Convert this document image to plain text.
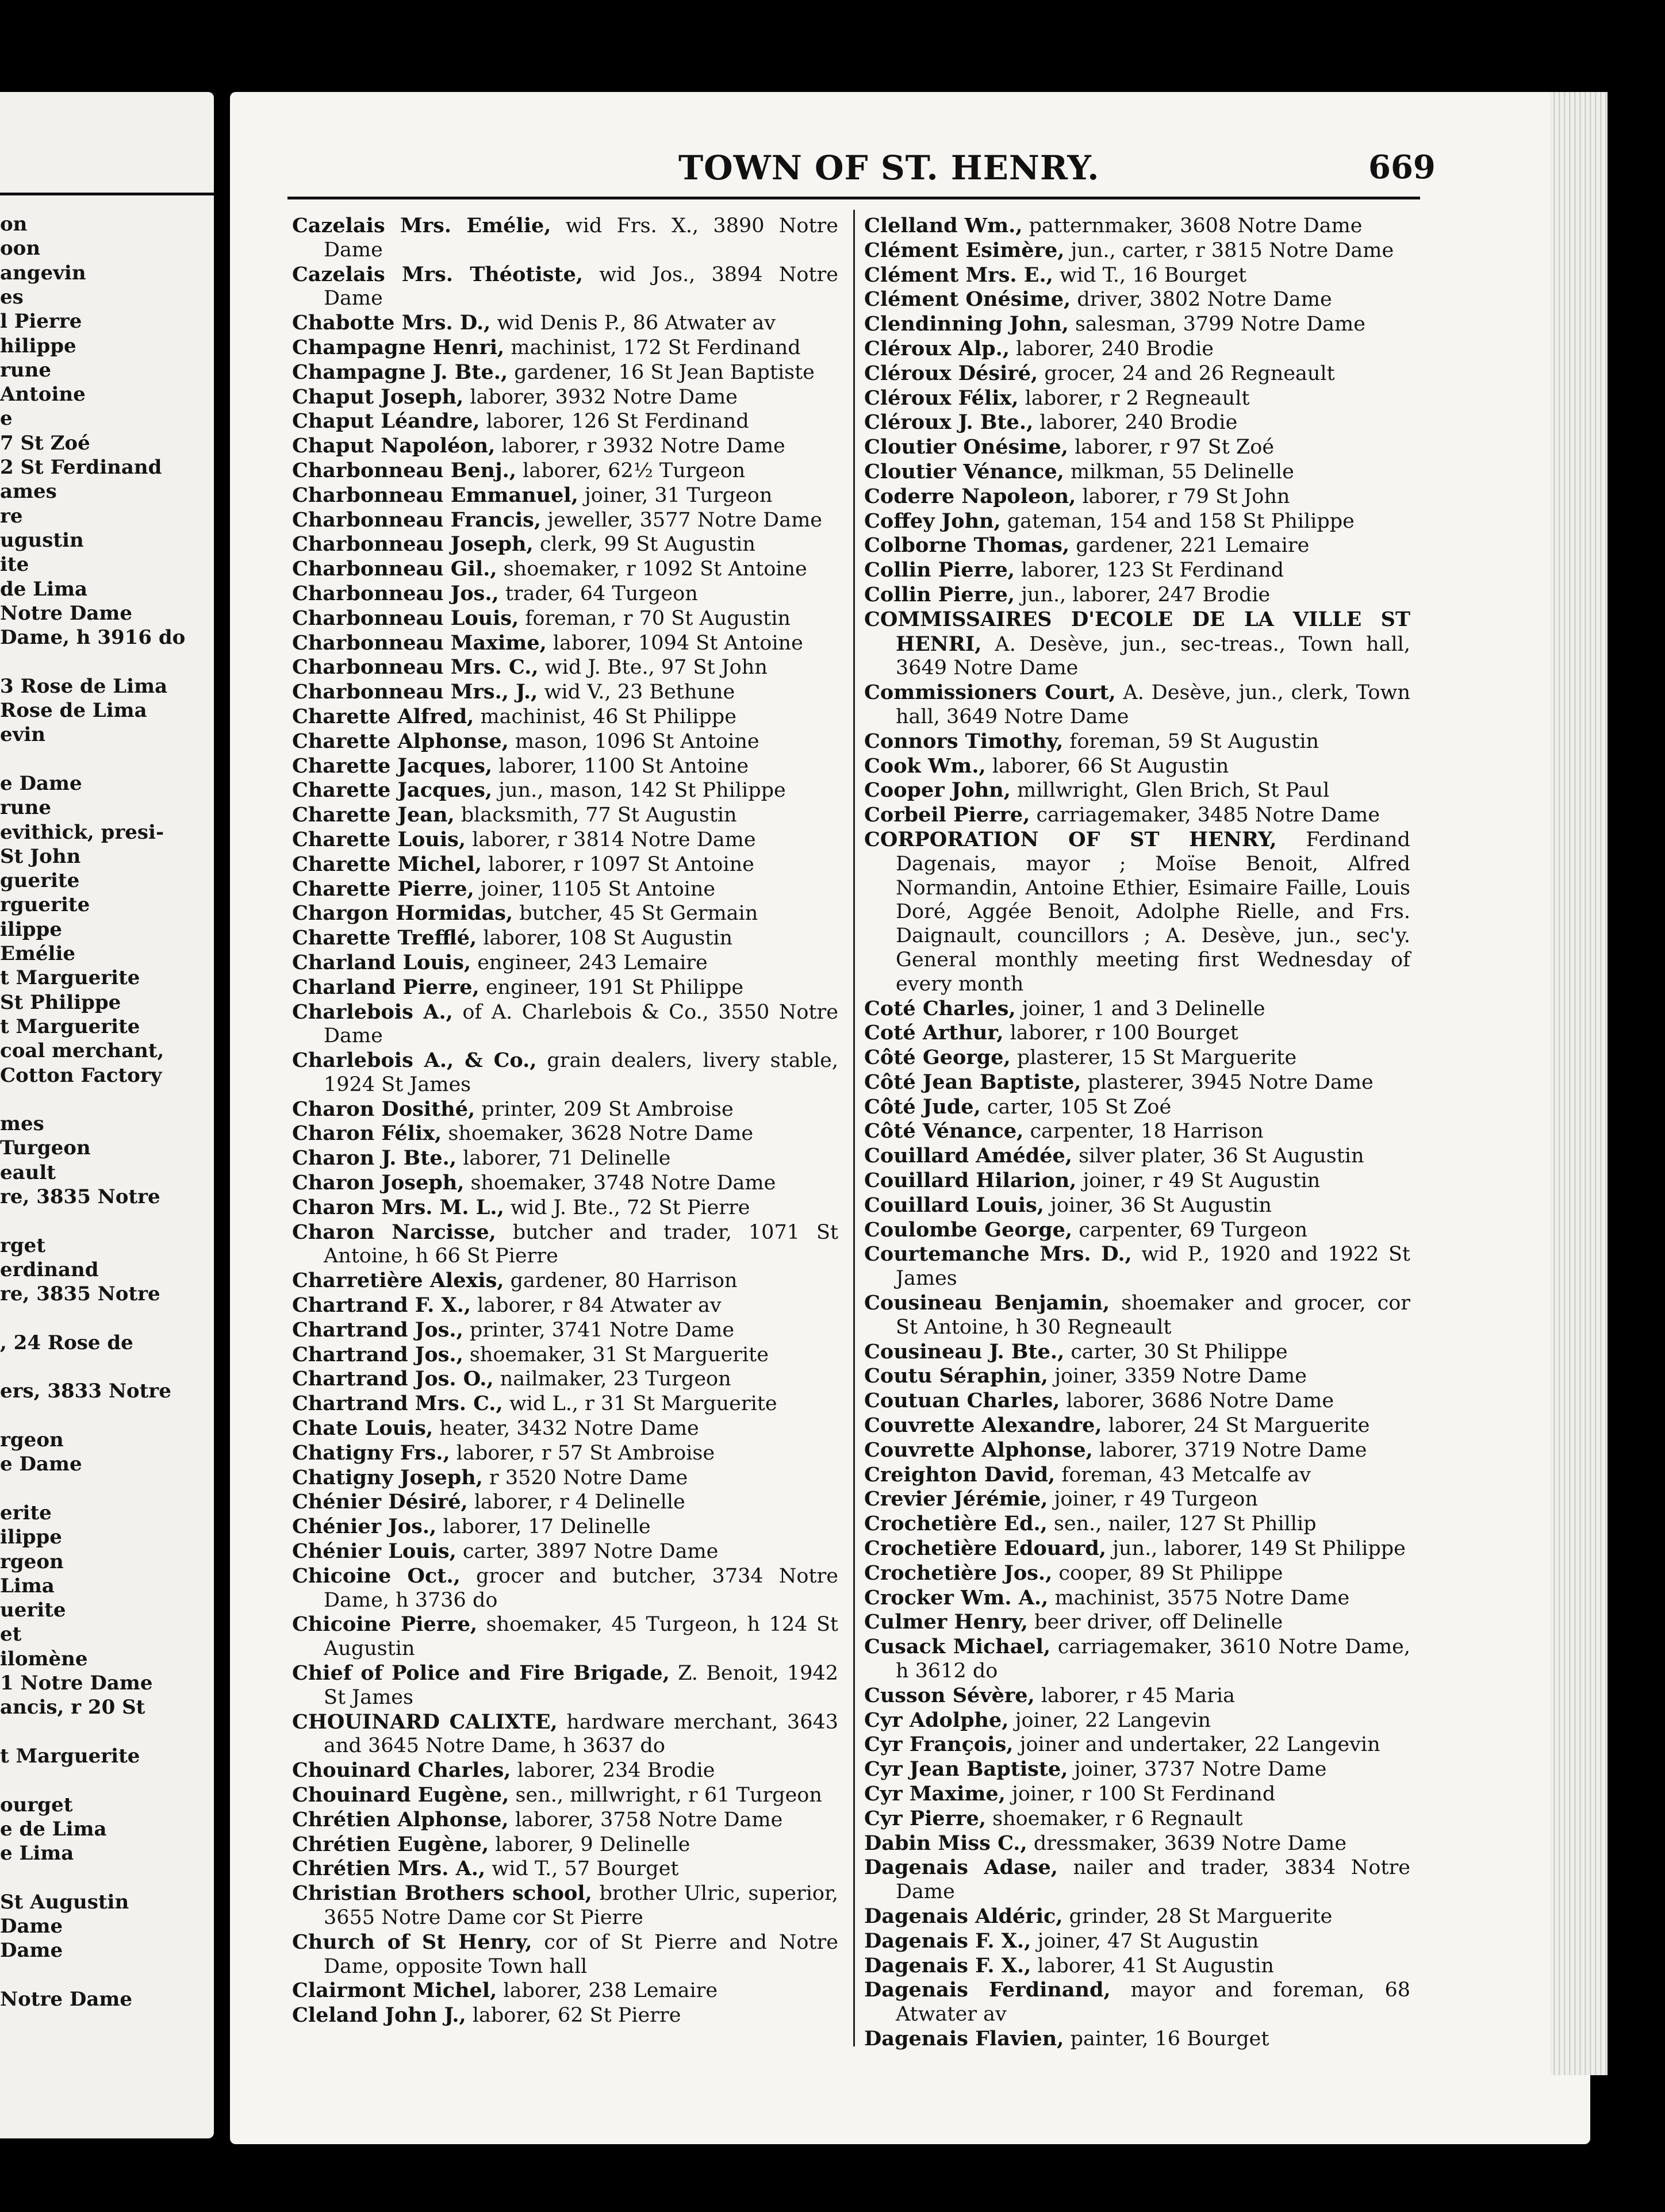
on
oon
angevin
es
l Pierre
hilippe
rune
Antoine
e
7 St Zoé
2 St Ferdinand
ames
re
ugustin
ite
de Lima
Notre Dame
Dame, h 3916 do
3 Rose de Lima
Rose de Lima
evin
e Dame
rune
evithick, presi-
St John
guerite
rguerite
ilippe
Emélie
t Marguerite
St Philippe
t Marguerite
coal merchant,
Cotton Factory
mes
Turgeon
eault
re, 3835 Notre
rget
erdinand
re, 3835 Notre
, 24 Rose de
ers, 3833 Notre
rgeon
e Dame
erite
ilippe
rgeon
Lima
uerite
et
ilomène
1 Notre Dame
ancis, r 20 St
t Marguerite
ourget
e de Lima
e Lima
St Augustin
Dame
Dame
Notre Dame
TOWN OF ST. HENRY.	669

Cazelais Mrs. Emélie, wid Frs. X., 3890 Notre Dame

Cazelais Mrs. Théotiste, wid Jos., 3894 Notre Dame

Chabotte Mrs. D., wid Denis P., 86 Atwater av

Champagne Henri, machinist, 172 St Ferdinand

Champagne J. Bte., gardener, 16 St Jean Baptiste

Chaput Joseph, laborer, 3932 Notre Dame

Chaput Léandre, laborer, 126 St Ferdinand

Chaput Napoléon, laborer, r 3932 Notre Dame

Charbonneau Benj., laborer, 62½ Turgeon

Charbonneau Emmanuel, joiner, 31 Turgeon

Charbonneau Francis, jeweller, 3577 Notre Dame

Charbonneau Joseph, clerk, 99 St Augustin

Charbonneau Gil., shoemaker, r 1092 St Antoine

Charbonneau Jos., trader, 64 Turgeon

Charbonneau Louis, foreman, r 70 St Augustin

Charbonneau Maxime, laborer, 1094 St Antoine

Charbonneau Mrs. C., wid J. Bte., 97 St John

Charbonneau Mrs., J., wid V., 23 Bethune

Charette Alfred, machinist, 46 St Philippe

Charette Alphonse, mason, 1096 St Antoine

Charette Jacques, laborer, 1100 St Antoine

Charette Jacques, jun., mason, 142 St Philippe

Charette Jean, blacksmith, 77 St Augustin

Charette Louis, laborer, r 3814 Notre Dame

Charette Michel, laborer, r 1097 St Antoine

Charette Pierre, joiner, 1105 St Antoine

Chargon Hormidas, butcher, 45 St Germain

Charette Trefflé, laborer, 108 St Augustin

Charland Louis, engineer, 243 Lemaire

Charland Pierre, engineer, 191 St Philippe

Charlebois A., of A. Charlebois & Co., 3550 Notre Dame

Charlebois A., & Co., grain dealers, livery stable, 1924 St James

Charon Dosithé, printer, 209 St Ambroise

Charon Félix, shoemaker, 3628 Notre Dame

Charon J. Bte., laborer, 71 Delinelle

Charon Joseph, shoemaker, 3748 Notre Dame

Charon Mrs. M. L., wid J. Bte., 72 St Pierre

Charon Narcisse, butcher and trader, 1071 St Antoine, h 66 St Pierre

Charretière Alexis, gardener, 80 Harrison

Chartrand F. X., laborer, r 84 Atwater av

Chartrand Jos., printer, 3741 Notre Dame

Chartrand Jos., shoemaker, 31 St Marguerite

Chartrand Jos. O., nailmaker, 23 Turgeon

Chartrand Mrs. C., wid L., r 31 St Marguerite

Chate Louis, heater, 3432 Notre Dame

Chatigny Frs., laborer, r 57 St Ambroise

Chatigny Joseph, r 3520 Notre Dame

Chénier Désiré, laborer, r 4 Delinelle

Chénier Jos., laborer, 17 Delinelle

Chénier Louis, carter, 3897 Notre Dame

Chicoine Oct., grocer and butcher, 3734 Notre Dame, h 3736 do

Chicoine Pierre, shoemaker, 45 Turgeon, h 124 St Augustin

Chief of Police and Fire Brigade, Z. Benoit, 1942 St James

CHOUINARD CALIXTE, hardware merchant, 3643 and 3645 Notre Dame, h 3637 do

Chouinard Charles, laborer, 234 Brodie

Chouinard Eugène, sen., millwright, r 61 Turgeon

Chrétien Alphonse, laborer, 3758 Notre Dame

Chrétien Eugène, laborer, 9 Delinelle

Chrétien Mrs. A., wid T., 57 Bourget

Christian Brothers school, brother Ulric, superior, 3655 Notre Dame cor St Pierre

Church of St Henry, cor of St Pierre and Notre Dame, opposite Town hall

Clairmont Michel, laborer, 238 Lemaire

Cleland John J., laborer, 62 St Pierre

Clelland Wm., patternmaker, 3608 Notre Dame

Clément Esimère, jun., carter, r 3815 Notre Dame

Clément Mrs. E., wid T., 16 Bourget

Clément Onésime, driver, 3802 Notre Dame

Clendinning John, salesman, 3799 Notre Dame

Cléroux Alp., laborer, 240 Brodie

Cléroux Désiré, grocer, 24 and 26 Regneault

Cléroux Félix, laborer, r 2 Regneault

Cléroux J. Bte., laborer, 240 Brodie

Cloutier Onésime, laborer, r 97 St Zoé

Cloutier Vénance, milkman, 55 Delinelle

Coderre Napoleon, laborer, r 79 St John

Coffey John, gateman, 154 and 158 St Philippe

Colborne Thomas, gardener, 221 Lemaire

Collin Pierre, laborer, 123 St Ferdinand

Collin Pierre, jun., laborer, 247 Brodie

COMMISSAIRES D'ECOLE DE LA VILLE ST HENRI, A. Desève, jun., sec-treas., Town hall, 3649 Notre Dame

Commissioners Court, A. Desève, jun., clerk, Town hall, 3649 Notre Dame

Connors Timothy, foreman, 59 St Augustin

Cook Wm., laborer, 66 St Augustin

Cooper John, millwright, Glen Brich, St Paul

Corbeil Pierre, carriagemaker, 3485 Notre Dame

CORPORATION OF ST HENRY, Ferdinand Dagenais, mayor ; Moïse Benoit, Alfred Normandin, Antoine Ethier, Esimaire Faille, Louis Doré, Aggée Benoit, Adolphe Rielle, and Frs. Daignault, councillors ; A. Desève, jun., sec'y. General monthly meeting first Wednesday of every month

Coté Charles, joiner, 1 and 3 Delinelle

Coté Arthur, laborer, r 100 Bourget

Côté George, plasterer, 15 St Marguerite

Côté Jean Baptiste, plasterer, 3945 Notre Dame

Côté Jude, carter, 105 St Zoé

Côté Vénance, carpenter, 18 Harrison

Couillard Amédée, silver plater, 36 St Augustin

Couillard Hilarion, joiner, r 49 St Augustin

Couillard Louis, joiner, 36 St Augustin

Coulombe George, carpenter, 69 Turgeon

Courtemanche Mrs. D., wid P., 1920 and 1922 St James

Cousineau Benjamin, shoemaker and grocer, cor St Antoine, h 30 Regneault

Cousineau J. Bte., carter, 30 St Philippe

Coutu Séraphin, joiner, 3359 Notre Dame

Coutuan Charles, laborer, 3686 Notre Dame

Couvrette Alexandre, laborer, 24 St Marguerite

Couvrette Alphonse, laborer, 3719 Notre Dame

Creighton David, foreman, 43 Metcalfe av

Crevier Jérémie, joiner, r 49 Turgeon

Crochetière Ed., sen., nailer, 127 St Phillip

Crochetière Edouard, jun., laborer, 149 St Philippe

Crochetière Jos., cooper, 89 St Philippe

Crocker Wm. A., machinist, 3575 Notre Dame

Culmer Henry, beer driver, off Delinelle

Cusack Michael, carriagemaker, 3610 Notre Dame, h 3612 do

Cusson Sévère, laborer, r 45 Maria

Cyr Adolphe, joiner, 22 Langevin

Cyr François, joiner and undertaker, 22 Langevin

Cyr Jean Baptiste, joiner, 3737 Notre Dame

Cyr Maxime, joiner, r 100 St Ferdinand

Cyr Pierre, shoemaker, r 6 Regnault

Dabin Miss C., dressmaker, 3639 Notre Dame

Dagenais Adase, nailer and trader, 3834 Notre Dame

Dagenais Aldéric, grinder, 28 St Marguerite

Dagenais F. X., joiner, 47 St Augustin

Dagenais F. X., laborer, 41 St Augustin

Dagenais Ferdinand, mayor and foreman, 68 Atwater av

Dagenais Flavien, painter, 16 Bourget
